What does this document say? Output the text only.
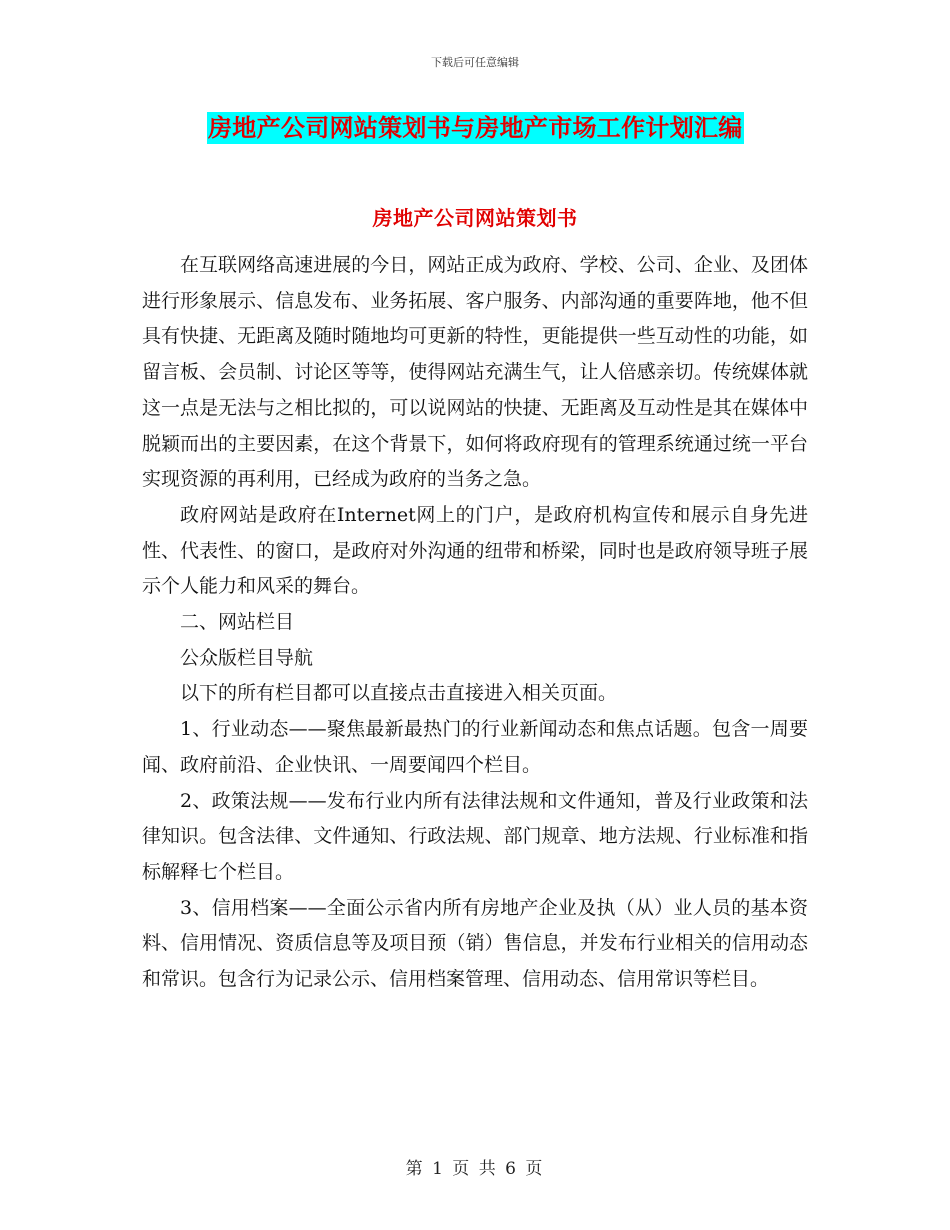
下载后可任意编辑
房地产公司网站策划书与房地产市场工作计划汇编
房地产公司网站策划书

在互联网络高速进展的今日，网站正成为政府、学校、公司、企业、及团体进行形象展示、信息发布、业务拓展、客户服务、内部沟通的重要阵地，他不但具有快捷、无距离及随时随地均可更新的特性，更能提供一些互动性的功能，如留言板、会员制、讨论区等等，使得网站充满生气，让人倍感亲切。传统媒体就这一点是无法与之相比拟的，可以说网站的快捷、无距离及互动性是其在媒体中脱颖而出的主要因素，在这个背景下，如何将政府现有的管理系统通过统一平台实现资源的再利用，已经成为政府的当务之急。

政府网站是政府在Internet网上的门户，是政府机构宣传和展示自身先进性、代表性、的窗口，是政府对外沟通的纽带和桥梁，同时也是政府领导班子展示个人能力和风采的舞台。

二、网站栏目

公众版栏目导航

以下的所有栏目都可以直接点击直接进入相关页面。

1、行业动态——聚焦最新最热门的行业新闻动态和焦点话题。包含一周要闻、政府前沿、企业快讯、一周要闻四个栏目。

2、政策法规——发布行业内所有法律法规和文件通知，普及行业政策和法律知识。包含法律、文件通知、行政法规、部门规章、地方法规、行业标准和指标解释七个栏目。

3、信用档案——全面公示省内所有房地产企业及执（从）业人员的基本资料、信用情况、资质信息等及项目预（销）售信息，并发布行业相关的信用动态和常识。包含行为记录公示、信用档案管理、信用动态、信用常识等栏目。

第 1 页 共 6 页
